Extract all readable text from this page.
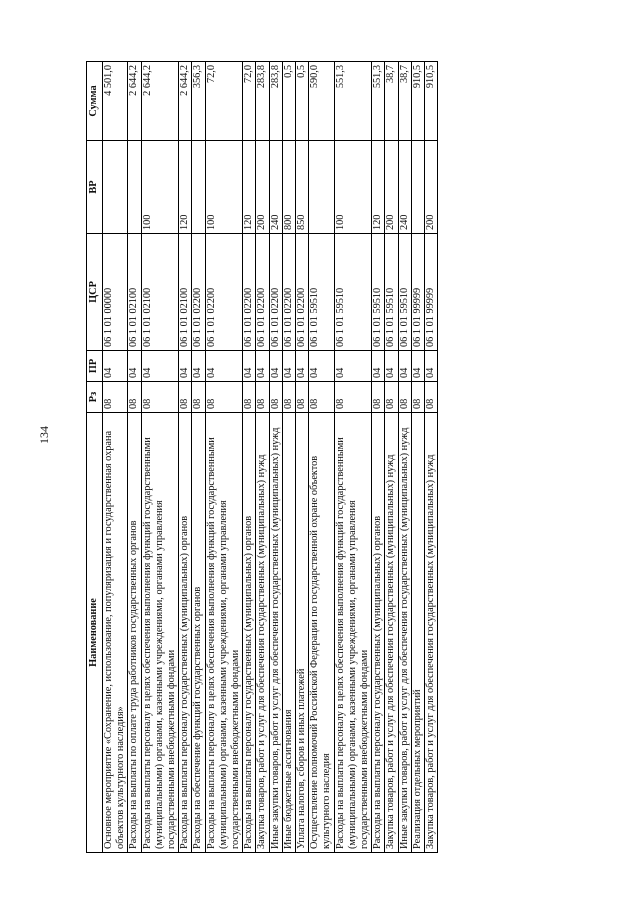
134
Наименование	Рз	ПР	ЦСР	ВР	Сумма
Основное мероприятие «Сохранение, использование, популяризация и государственная охрана объектов культурного наследия»	08	04	06 1 01 00000		4 501,0
Расходы на выплаты по оплате труда работников государственных органов	08	04	06 1 01 02100		2 644,2
Расходы на выплаты персоналу в целях обеспечения выполнения функций государственными (муниципальными) органами, казенными учреждениями, органами управления государственными внебюджетными фондами	08	04	06 1 01 02100	100	2 644,2
Расходы на выплаты персоналу государственных (муниципальных) органов	08	04	06 1 01 02100	120	2 644,2
Расходы на обеспечение функций государственных органов	08	04	06 1 01 02200		356,3
Расходы на выплаты персоналу в целях обеспечения выполнения функций государственными (муниципальными) органами, казенными учреждениями, органами управления государственными внебюджетными фондами	08	04	06 1 01 02200	100	72,0
Расходы на выплаты персоналу государственных (муниципальных) органов	08	04	06 1 01 02200	120	72,0
Закупка товаров, работ и услуг для обеспечения государственных (муниципальных) нужд	08	04	06 1 01 02200	200	283,8
Иные закупки товаров, работ и услуг для обеспечения государственных (муниципальных) нужд	08	04	06 1 01 02200	240	283,8
Иные бюджетные ассигнования	08	04	06 1 01 02200	800	0,5
Уплата налогов, сборов и иных платежей	08	04	06 1 01 02200	850	0,5
Осуществление полномочий Российской Федерации по государственной охране объектов культурного наследия	08	04	06 1 01 59510		590,0
Расходы на выплаты персоналу в целях обеспечения выполнения функций государственными (муниципальными) органами, казенными учреждениями, органами управления государственными внебюджетными фондами	08	04	06 1 01 59510	100	551,3
Расходы на выплаты персоналу государственных (муниципальных) органов	08	04	06 1 01 59510	120	551,3
Закупка товаров, работ и услуг для обеспечения государственных (муниципальных) нужд	08	04	06 1 01 59510	200	38,7
Иные закупки товаров, работ и услуг для обеспечения государственных (муниципальных) нужд	08	04	06 1 01 59510	240	38,7
Реализация отдельных мероприятий	08	04	06 1 01 99999		910,5
Закупка товаров, работ и услуг для обеспечения государственных (муниципальных) нужд	08	04	06 1 01 99999	200	910,5
